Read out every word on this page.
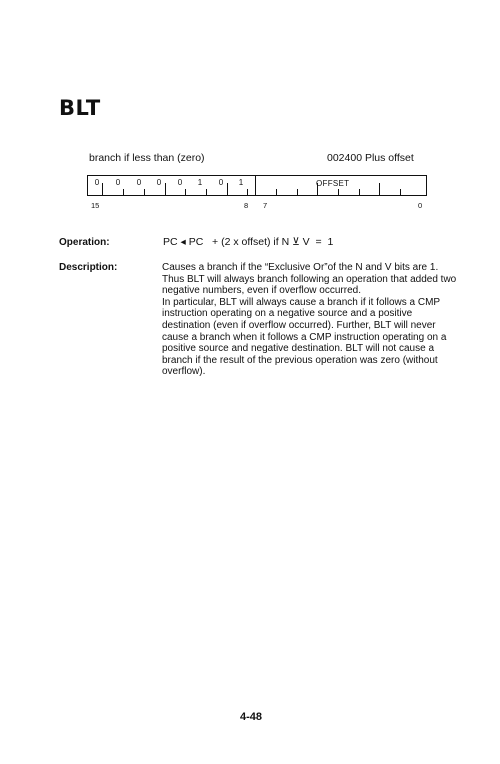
BLT
branch if less than (zero)	002400 Plus offset
0	0	0	0	0	1	0	1	OFFSET
15	8 7	0
Operation:	PC ◂ PC   + (2 x offset) if N ⊻ V  =  1
Description:	Causes a branch if the “Exclusive Or”of the N and V bits are 1. Thus BLT will always branch following an operation that added two negative numbers, even if overflow occurred.

In particular, BLT will always cause a branch if it follows a CMP instruction operating on a negative source and a positive destination (even if overflow occurred). Further, BLT will never cause a branch when it follows a CMP instruction operating on a positive source and negative destination. BLT will not cause a branch if the result of the previous operation was zero (without overflow).

4-48
